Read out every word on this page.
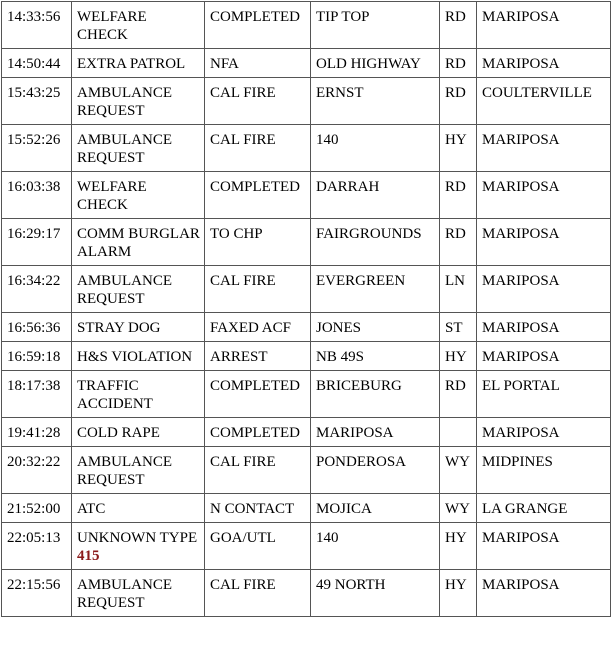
14:33:56	WELFARE CHECK	COMPLETED	TIP TOP	RD	MARIPOSA
14:50:44	EXTRA PATROL	NFA	OLD HIGHWAY	RD	MARIPOSA
15:43:25	AMBULANCE REQUEST	CAL FIRE	ERNST	RD	COULTERVILLE
15:52:26	AMBULANCE REQUEST	CAL FIRE	140	HY	MARIPOSA
16:03:38	WELFARE CHECK	COMPLETED	DARRAH	RD	MARIPOSA
16:29:17	COMM BURGLAR ALARM	TO CHP	FAIRGROUNDS	RD	MARIPOSA
16:34:22	AMBULANCE REQUEST	CAL FIRE	EVERGREEN	LN	MARIPOSA
16:56:36	STRAY DOG	FAXED ACF	JONES	ST	MARIPOSA
16:59:18	H&S VIOLATION	ARREST	NB 49S	HY	MARIPOSA
18:17:38	TRAFFIC ACCIDENT	COMPLETED	BRICEBURG	RD	EL PORTAL
19:41:28	COLD RAPE	COMPLETED	MARIPOSA		MARIPOSA
20:32:22	AMBULANCE REQUEST	CAL FIRE	PONDEROSA	WY	MIDPINES
21:52:00	ATC	N CONTACT	MOJICA	WY	LA GRANGE
22:05:13	UNKNOWN TYPE 415	GOA/UTL	140	HY	MARIPOSA
22:15:56	AMBULANCE REQUEST	CAL FIRE	49 NORTH	HY	MARIPOSA
